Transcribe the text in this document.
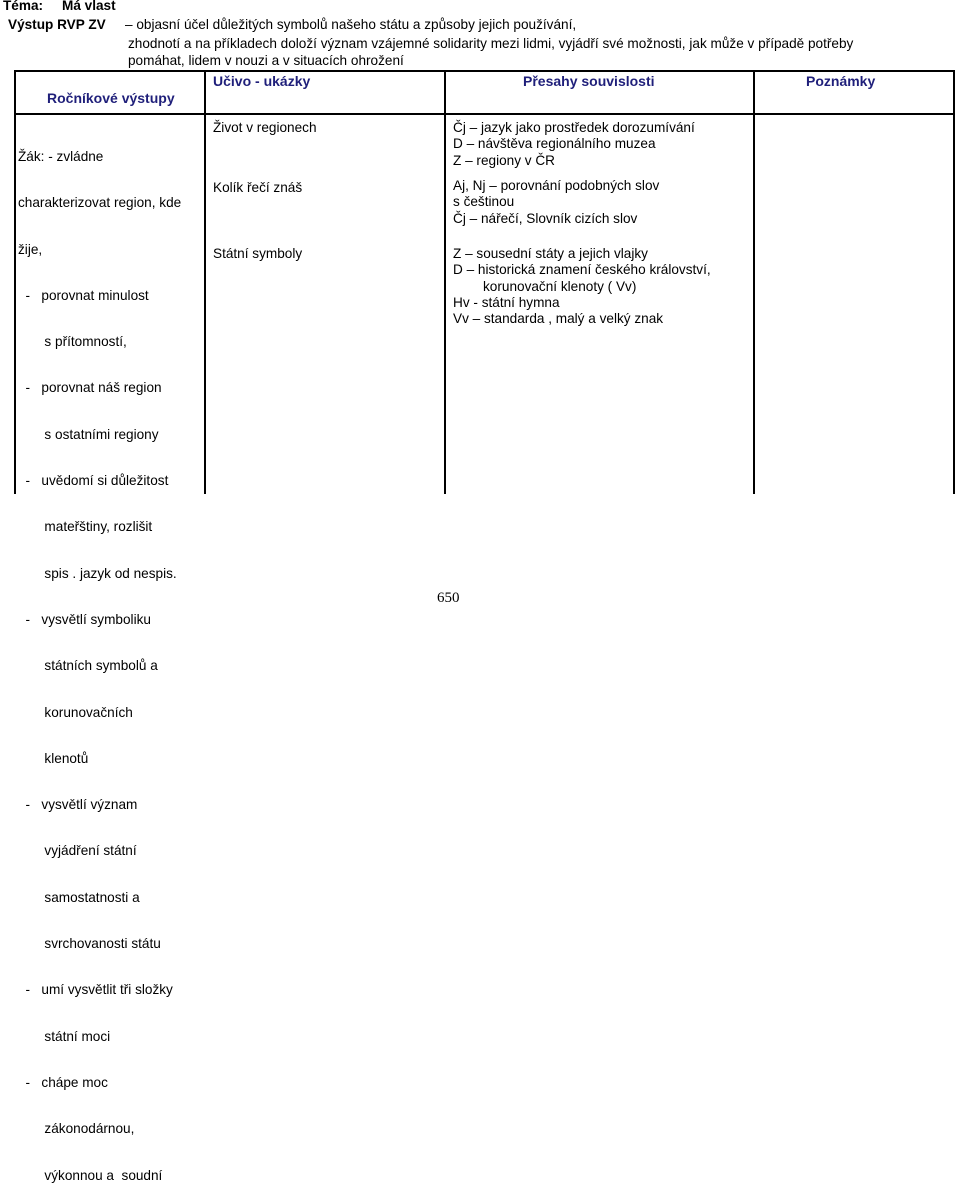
Téma: Má vlast
Výstup RVP ZV – objasní účel důležitých symbolů našeho státu a způsoby jejich používání,
zhodnotí a na příkladech doloží význam vzájemné solidarity mezi lidmi, vyjádří své možnosti, jak může v případě potřeby
pomáhat, lidem v nouzi a v situacích ohrožení
Ročníkové výstupy
Učivo - ukázky	Přesahy souvislosti	Poznámky

Žák: - zvládne

charakterizovat region, kde

žije,

-   porovnat minulost

s přítomností,

-   porovnat náš region

s ostatními regiony

-   uvědomí si důležitost

mateřštiny, rozlišit

spis . jazyk od nespis.

-   vysvětlí symboliku

státních symbolů a

korunovačních

klenotů

-   vysvětlí význam

vyjádření státní

samostatnosti a

svrchovanosti státu

-   umí vysvětlit tři složky

státní moci

-   chápe moc

zákonodárnou,

výkonnou a  soudní

Život v regionech
Kolík řečí znáš
Státní symboly
Čj – jazyk jako prostředek dorozumívání
D – návštěva regionálního muzea
Z – regiony v ČR
Aj, Nj – porovnání podobných slov
s češtinou
Čj – nářečí, Slovník cizích slov
Z – sousední státy a jejich vlajky
D – historická znamení českého království,
korunovační klenoty ( Vv)
Hv - státní hymna
Vv – standarda , malý a velký znak
650
